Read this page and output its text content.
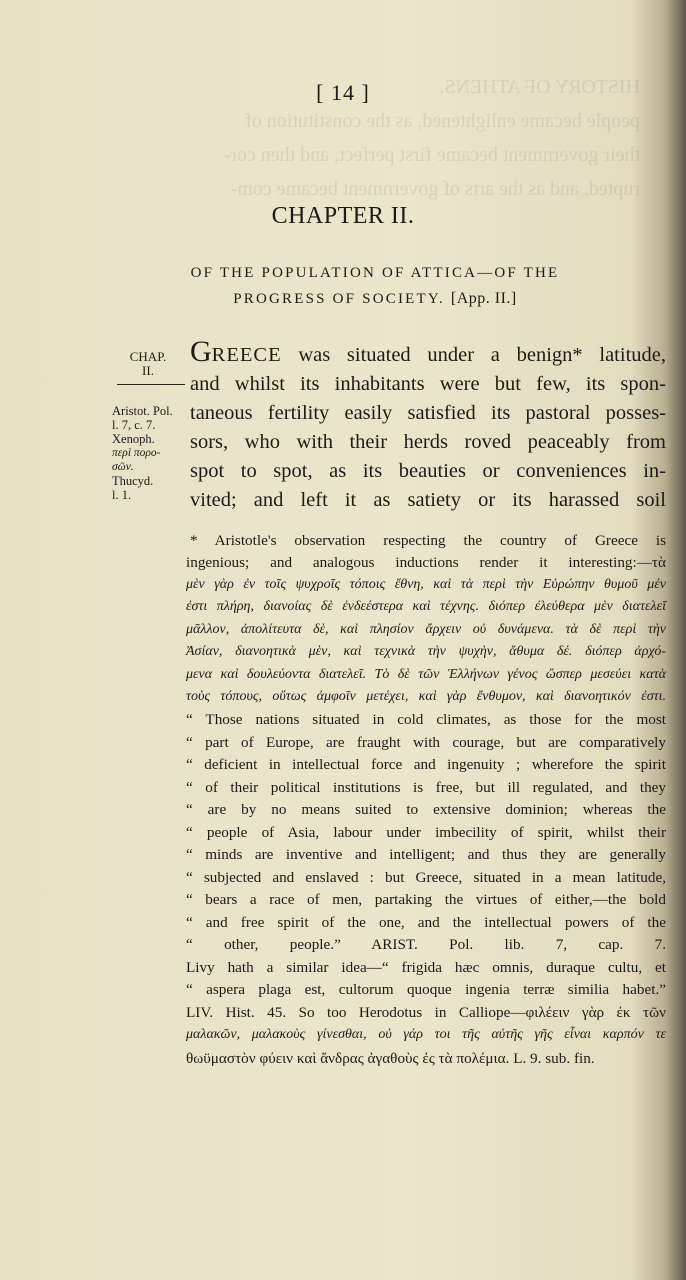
HISTORY OF ATHENS.
people became enlightened, as the constitution of
their government became first perfect, and then cor-
rupted, and as the arts of government became com-
[ 14 ]
CHAPTER II.
OF THE POPULATION OF ATTICA—OF THE
PROGRESS OF SOCIETY. [App. II.]
CHAP.
II.
Aristot. Pol.
l. 7, c. 7.
Xenoph.
περὶ πορο-
σῶν.
Thucyd.
l. 1.
GREECE was situated under a benign* latitude,
and whilst its inhabitants were but few, its spon-
taneous fertility easily satisfied its pastoral posses-
sors, who with their herds roved peaceably from
spot to spot, as its beauties or conveniences in-
vited; and left it as satiety or its harassed soil
* Aristotle's observation respecting the country of Greece is
ingenious; and analogous inductions render it interesting:—τὰ
μὲν γὰρ ἐν τοῖς ψυχροῖς τόποις ἔθνη, καὶ τὰ περὶ τὴν Εὐρώπην θυμοῦ μέν
ἐστι πλήρη, διανοίας δὲ ἐνδεέστερα καὶ τέχνης. διόπερ ἐλεύθερα μὲν διατελεῖ
μᾶλλον, ἀπολίτευτα δὲ, καὶ πλησίον ἄρχειν οὐ δυνάμενα. τὰ δὲ περὶ τὴν
Ἀσίαν, διανοητικὰ μὲν, καὶ τεχνικὰ τὴν ψυχὴν, ἄθυμα δέ. διόπερ ἀρχό-
μενα καὶ δουλεύοντα διατελεῖ. Τὸ δὲ τῶν Ἑλλήνων γένος ὥσπερ μεσεύει κατὰ
τοὺς τόπους, οὕτως ἀμφοῖν μετέχει, καὶ γὰρ ἔνθυμον, καὶ διανοητικόν ἐστι.
“ Those nations situated in cold climates, as those for the most
“ part of Europe, are fraught with courage, but are comparatively
“ deficient in intellectual force and ingenuity ; wherefore the spirit
“ of their political institutions is free, but ill regulated, and they
“ are by no means suited to extensive dominion; whereas the
“ people of Asia, labour under imbecility of spirit, whilst their
“ minds are inventive and intelligent; and thus they are generally
“ subjected and enslaved : but Greece, situated in a mean latitude,
“ bears a race of men, partaking the virtues of either,—the bold
“ and free spirit of the one, and the intellectual powers of the
“ other, people.” ARIST. Pol. lib. 7, cap. 7.
Livy hath a similar idea—“ frigida hæc omnis, duraque cultu, et
“ aspera plaga est, cultorum quoque ingenia terræ similia habet.”
LIV. Hist. 45. So too Herodotus in Calliope—φιλέειν γὰρ ἐκ τῶν
μαλακῶν, μαλακοὺς γίνεσθαι, οὐ γάρ τοι τῆς αὐτῆς γῆς εἶναι καρπόν τε
θωϋμαστὸν φύειν καὶ ἄνδρας ἀγαθοὺς ἐς τὰ πολέμια. L. 9. sub. fin.
